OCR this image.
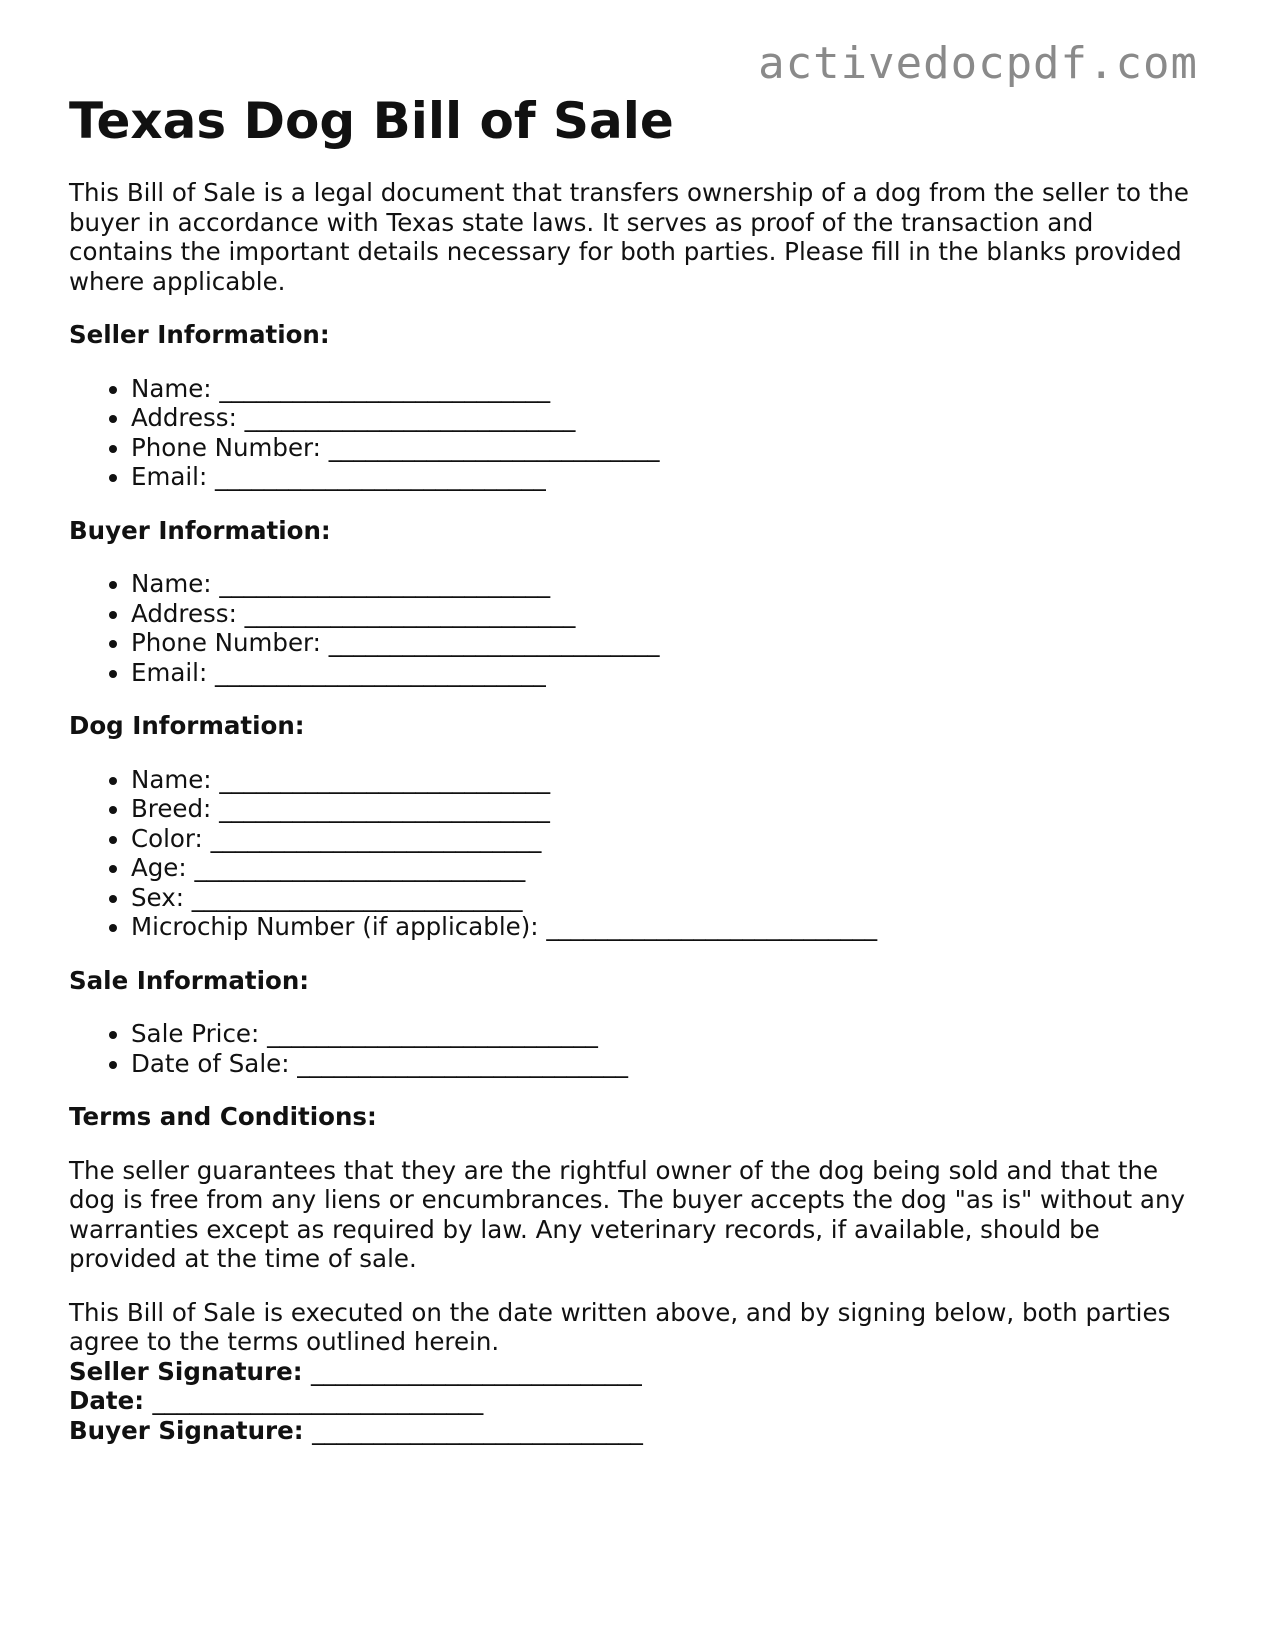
activedocpdf.com
Texas Dog Bill of Sale

This Bill of Sale is a legal document that transfers ownership of a dog from the seller to the buyer in accordance with Texas state laws. It serves as proof of the transaction and contains the important details necessary for both parties. Please fill in the blanks provided where applicable.

Seller Information:
• Name: ___________________________
• Address: ___________________________
• Phone Number: ___________________________
• Email: ___________________________
Buyer Information:
• Name: ___________________________
• Address: ___________________________
• Phone Number: ___________________________
• Email: ___________________________
Dog Information:
• Name: ___________________________
• Breed: ___________________________
• Color: ___________________________
• Age: ___________________________
• Sex: ___________________________
• Microchip Number (if applicable): ___________________________
Sale Information:
• Sale Price: ___________________________
• Date of Sale: ___________________________
Terms and Conditions:

The seller guarantees that they are the rightful owner of the dog being sold and that the dog is free from any liens or encumbrances. The buyer accepts the dog "as is" without any warranties except as required by law. Any veterinary records, if available, should be provided at the time of sale.

This Bill of Sale is executed on the date written above, and by signing below, both parties agree to the terms outlined herein.

Seller Signature: ___________________________
Date: ___________________________
Buyer Signature: ___________________________
